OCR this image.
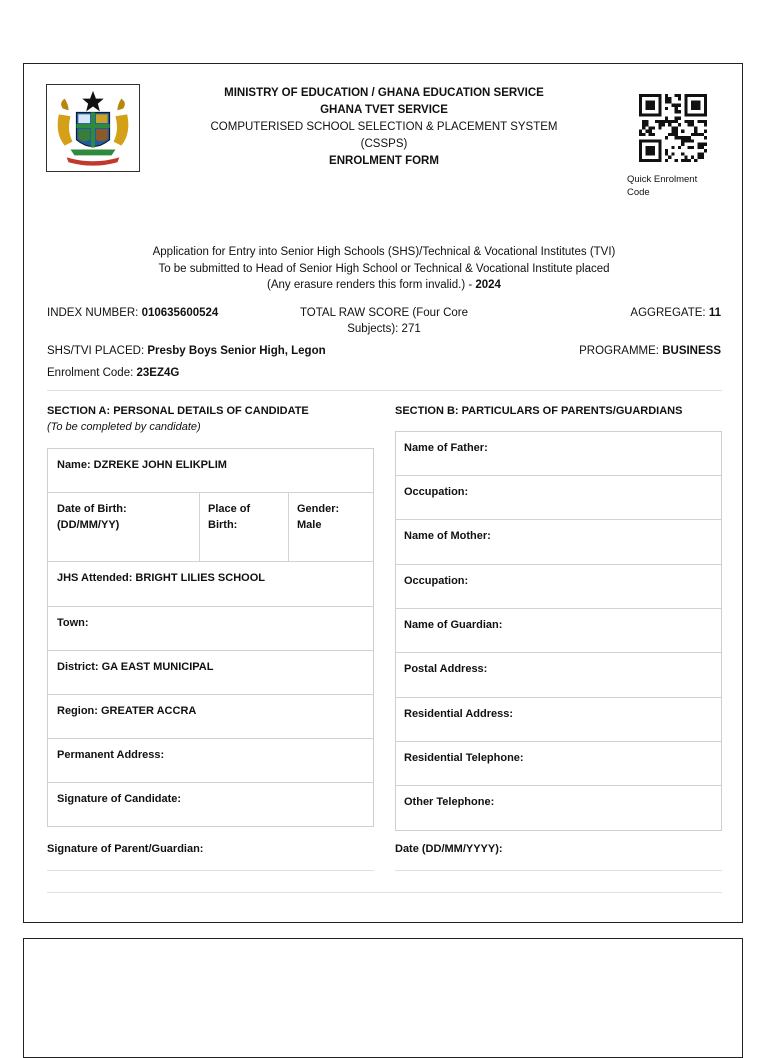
MINISTRY OF EDUCATION / GHANA EDUCATION SERVICE
GHANA TVET SERVICE
COMPUTERISED SCHOOL SELECTION & PLACEMENT SYSTEM
(CSSPS)
ENROLMENT FORM
Quick Enrolment
Code
Application for Entry into Senior High Schools (SHS)/Technical & Vocational Institutes (TVI)
To be submitted to Head of Senior High School or Technical & Vocational Institute placed
(Any erasure renders this form invalid.) - 2024
INDEX NUMBER: 010635600524	TOTAL RAW SCORE (Four Core
Subjects): 271
AGGREGATE: 11
SHS/TVI PLACED: Presby Boys Senior High, Legon	PROGRAMME: BUSINESS
Enrolment Code: 23EZ4G
SECTION A: PERSONAL DETAILS OF CANDIDATE
(To be completed by candidate)
SECTION B: PARTICULARS OF PARENTS/GUARDIANS
Name: DZREKE JOHN ELIKPLIM
Date of Birth:
(DD/MM/YY)
Place of
Birth:
Gender:
Male
JHS Attended: BRIGHT LILIES SCHOOL
Town:
District: GA EAST MUNICIPAL
Region: GREATER ACCRA
Permanent Address:
Signature of Candidate:
Name of Father:
Occupation:
Name of Mother:
Occupation:
Name of Guardian:
Postal Address:
Residential Address:
Residential Telephone:
Other Telephone:
Signature of Parent/Guardian:	Date (DD/MM/YYYY):
